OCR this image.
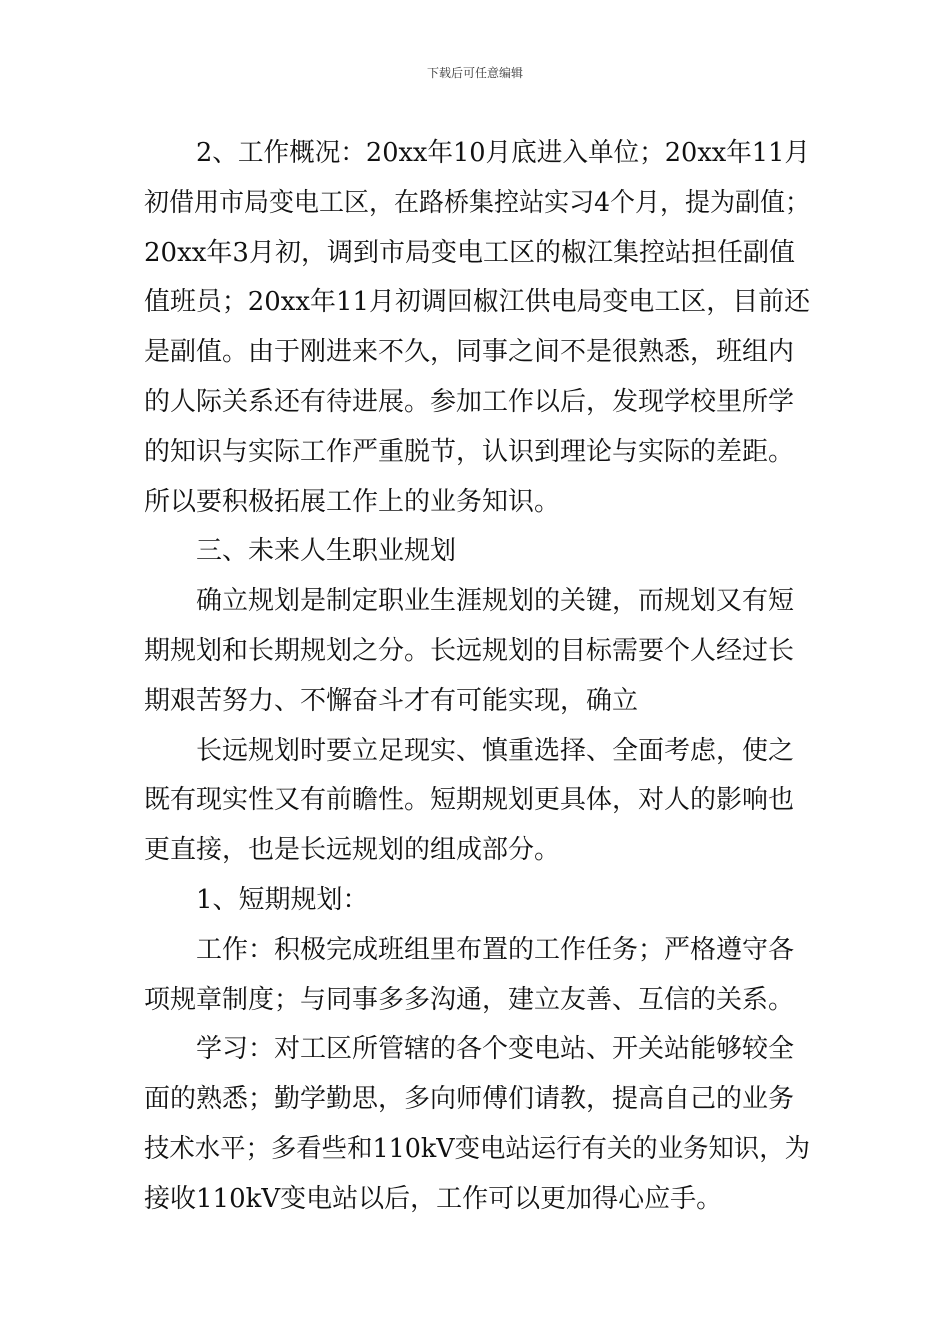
下载后可任意编辑
2、工作概况：20xx年10月底进入单位；20xx年11月
初借用市局变电工区，在路桥集控站实习4个月，提为副值；
20xx年3月初，调到市局变电工区的椒江集控站担任副值
值班员；20xx年11月初调回椒江供电局变电工区，目前还
是副值。由于刚进来不久，同事之间不是很熟悉，班组内
的人际关系还有待进展。参加工作以后，发现学校里所学
的知识与实际工作严重脱节，认识到理论与实际的差距。
所以要积极拓展工作上的业务知识。
三、未来人生职业规划
确立规划是制定职业生涯规划的关键，而规划又有短
期规划和长期规划之分。长远规划的目标需要个人经过长
期艰苦努力、不懈奋斗才有可能实现，确立
长远规划时要立足现实、慎重选择、全面考虑，使之
既有现实性又有前瞻性。短期规划更具体，对人的影响也
更直接，也是长远规划的组成部分。
1、短期规划：
工作：积极完成班组里布置的工作任务；严格遵守各
项规章制度；与同事多多沟通，建立友善、互信的关系。
学习：对工区所管辖的各个变电站、开关站能够较全
面的熟悉；勤学勤思，多向师傅们请教，提高自己的业务
技术水平；多看些和110kV变电站运行有关的业务知识，为
接收110kV变电站以后，工作可以更加得心应手。
